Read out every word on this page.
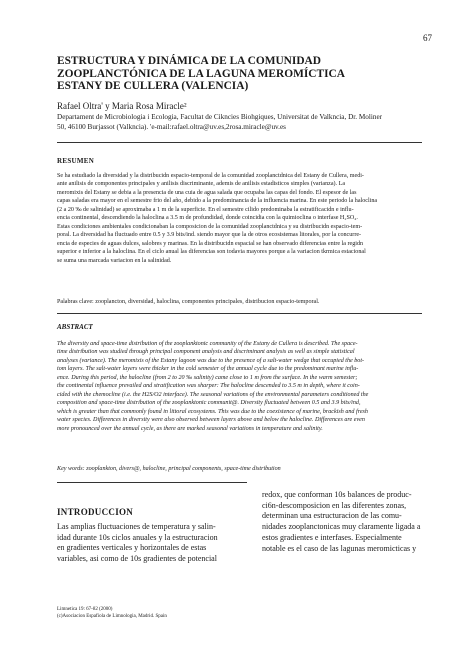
67
ESTRUCTURA Y DINÁMICA DE LA COMUNIDAD
ZOOPLANCTÓNICA DE LA LAGUNA MEROMÍCTICA
ESTANY DE CULLERA (VALENCIA)
Rafael Oltra' y Maria Rosa Miracle²
Departament de Microbiologia i Ecologia, Facultat de Cikncies Biohgiques, Universitat de Valkncia, Dr. Moliner
50, 46100 Burjassot (Valkncia). 'e-mail:rafael.oltra@uv.es,2rosa.miracle@uv.es
RESUMEN
Se ha estudiado la diversidad y la distribucidn espacio-temporal de la comunidad zooplanctdnica del Estany de Cullera, medi-
ante anilisis de componentes principales y anilisis discriminante, ademis de anilisis estadisticos simples (varianza). La
meromixis del Estany se debia a la presencia de una cuia de agua salada que ocupaba las capas del fondo. El espesor de las
capas saladas era mayor en el semestre frio del año, debido a la predominancia de la influencia marina. En este periodo la haloclina
(2 a 20 ‰ de salinidad) se aproximaba a 1 m de la superficie. En el semestre cilido predominaba la estratificacidn e influ-
encia continental, descendiendo la haloclina a 3.5 m de profundidad, donde coincidia con la quimioclina o interfase H₂SO₄.
Estas condiciones ambientales condicionaban la composicion de la comunidad zooplanctdnica y su distribucidn espacio-tem-
poral. La diversidad ha fluctuado entre 0.5 y 3.9 bits/ind. siendo mayor que la de otros ecosistemas litorales, por la concurre-
encia de especies de aguas dulces, salobres y marinas. En la distribucidn espacial se han observado diferencias entre la regidn
superior e inferior a la haloclina. En el ciclo anual las diferencias son todavia mayores porque a la variacion tkrmica estacional
se suma una marcada variacion en la salinidad.
Palabras clave: zooplancton, diversidad, haloclina, componentes principales, distribucion espacio-temporal.
ABSTRACT
The diversity and space-time distribution of the zooplanktonic community of the Estany de Cullera is described. The space-
time distribution was studied through principal component analysis and discriminant analysis as well as simple statistical
analyses (variance). The meromixis of the Estany lagoon was due to the presence of a salt-water wedge that occupied the bot-
tom layers. The salt-water layers were thicker in the cold semester of the annual cycle due to the predominant marine influ-
ence. During this period, the halocline (from 2 to 20 ‰ salinity) came close to 1 m from the surface. In the warm semester;
the continental influence prevailed and stratification was sharper: The halocline descended to 3.5 m in depth, where it coin-
cided with the chemocline (i.e. the H2S/O2 interface). The seasonal variations of the environmental parameters conditioned the
composition and space-time distribution of the zooplanktonic communit@. Diversity fluctuated between 0.5 and 3.9 bits/ind,
which is greater than that commonly found in littoral ecosystems. This was due to the coexistence of marine, brackish and fresh
water species. Differences in diversity were also observed between layers above and below the halocline. Differences are even
more pronounced over the annual cycle, as there are marked seasonal variations in temperature and salinity.
Key words: zooplankton, divers@, halocline, principal components, space-time distribution
INTRODUCCION
Las amplias fluctuaciones de temperatura y salin-
idad durante 10s ciclos anuales y la estructuracion
en gradientes verticales y horizontales de estas
variables, asi como de 10s gradientes de potencial
redox, que conforman 10s balances de produc-
ci6n-descomposicion en las diferentes zonas,
determinan una estructuracion de las comu-
nidades zooplanctonicas muy claramente ligada a
estos gradientes e interfases. Especialmente
notable es el caso de las lagunas meromicticas y
Limnetica 19: 67-82 (2000)
(c)Asociacion Espafiola de Limnologia, Madrid. Spain
